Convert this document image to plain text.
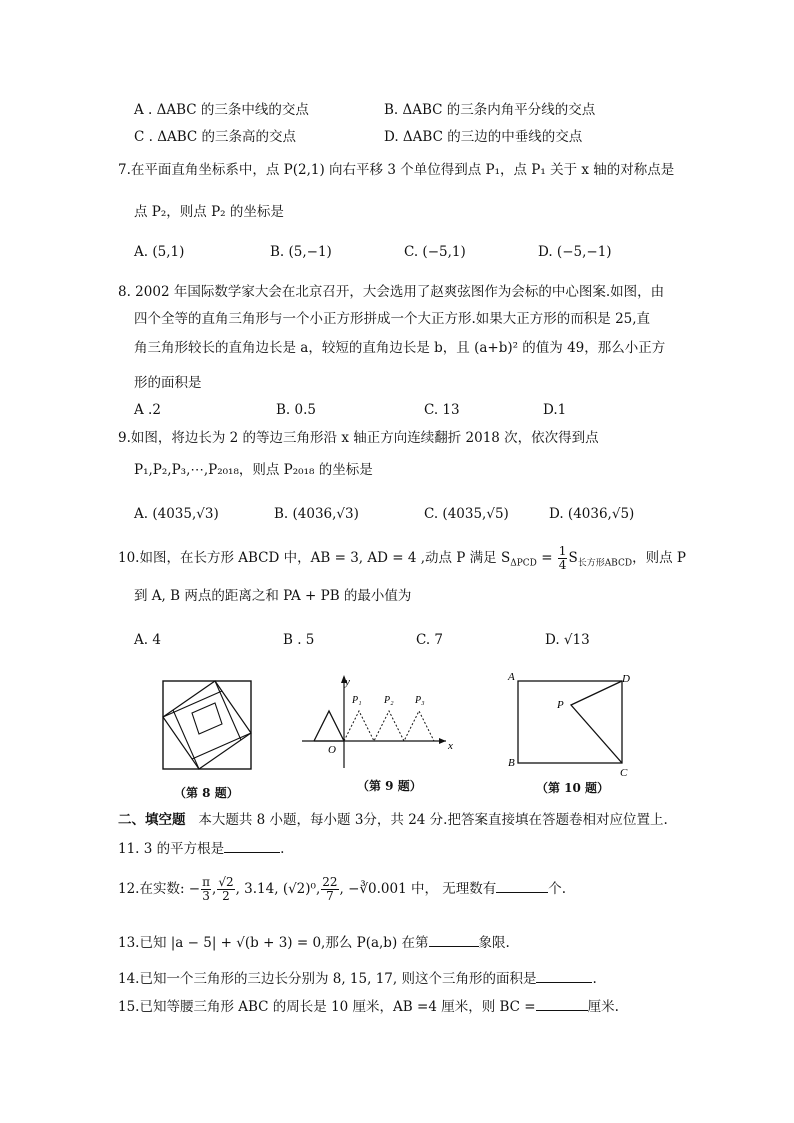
A . ΔABC 的三条中线的交点	B. ΔABC 的三条内角平分线的交点
C . ΔABC 的三条高的交点	D. ΔABC 的三边的中垂线的交点
7.在平面直角坐标系中，点 P(2,1) 向右平移 3 个单位得到点 P₁，点 P₁ 关于 x 轴的对称点是
点 P₂，则点 P₂ 的坐标是
A. (5,1)	B. (5,−1)	C. (−5,1)	D. (−5,−1)
8. 2002 年国际数学家大会在北京召开，大会选用了赵爽弦图作为会标的中心图案.如图，由
四个全等的直角三角形与一个小正方形拼成一个大正方形.如果大正方形的而积是 25,直
角三角形较长的直角边长是 a，较短的直角边长是 b，且 (a+b)² 的值为 49，那么小正方
形的面积是
A .2	B. 0.5	C. 13	D.1
9.如图，将边长为 2 的等边三角形沿 x 轴正方向连续翻折 2018 次，依次得到点
P₁,P₂,P₃,⋯,P₂₀₁₈，则点 P₂₀₁₈ 的坐标是
A. (4035,√3)	B. (4036,√3)	C. (4035,√5)	D. (4036,√5)
10.如图，在长方形 ABCD 中，AB = 3, AD = 4 ,动点 P 满足 $S_{\Delta PCD} = \frac{1}{4} S_{长方形ABCD}$，则点 P
到 A, B 两点的距离之和 PA + PB 的最小值为
A. 4	B . 5	C. 7	D. √13
（第 8 题）
y
x
O
P₁ P₂ P₃
（第 9 题）
A
B
C
D
P
（第 10 题）
二、填空题 本大题共 8 小题，每小题 3分，共 24 分.把答案直接填在答题卷相对应位置上.
11. 3 的平方根是	.
12.在实数: − $\frac{\pi}{3}$ , $\frac{√2}{2}$ , 3.14, (√2)⁰, $\frac{22}{7}$ , −∛0.001 中， 无理数有	个.
13.已知 |a − 5| + √(b + 3) = 0,那么 P(a,b) 在第	象限.
14.已知一个三角形的三边长分别为 8, 15, 17, 则这个三角形的面积是	.
15.已知等腰三角形 ABC 的周长是 10 厘米，AB =4 厘米，则 BC =	厘米.
